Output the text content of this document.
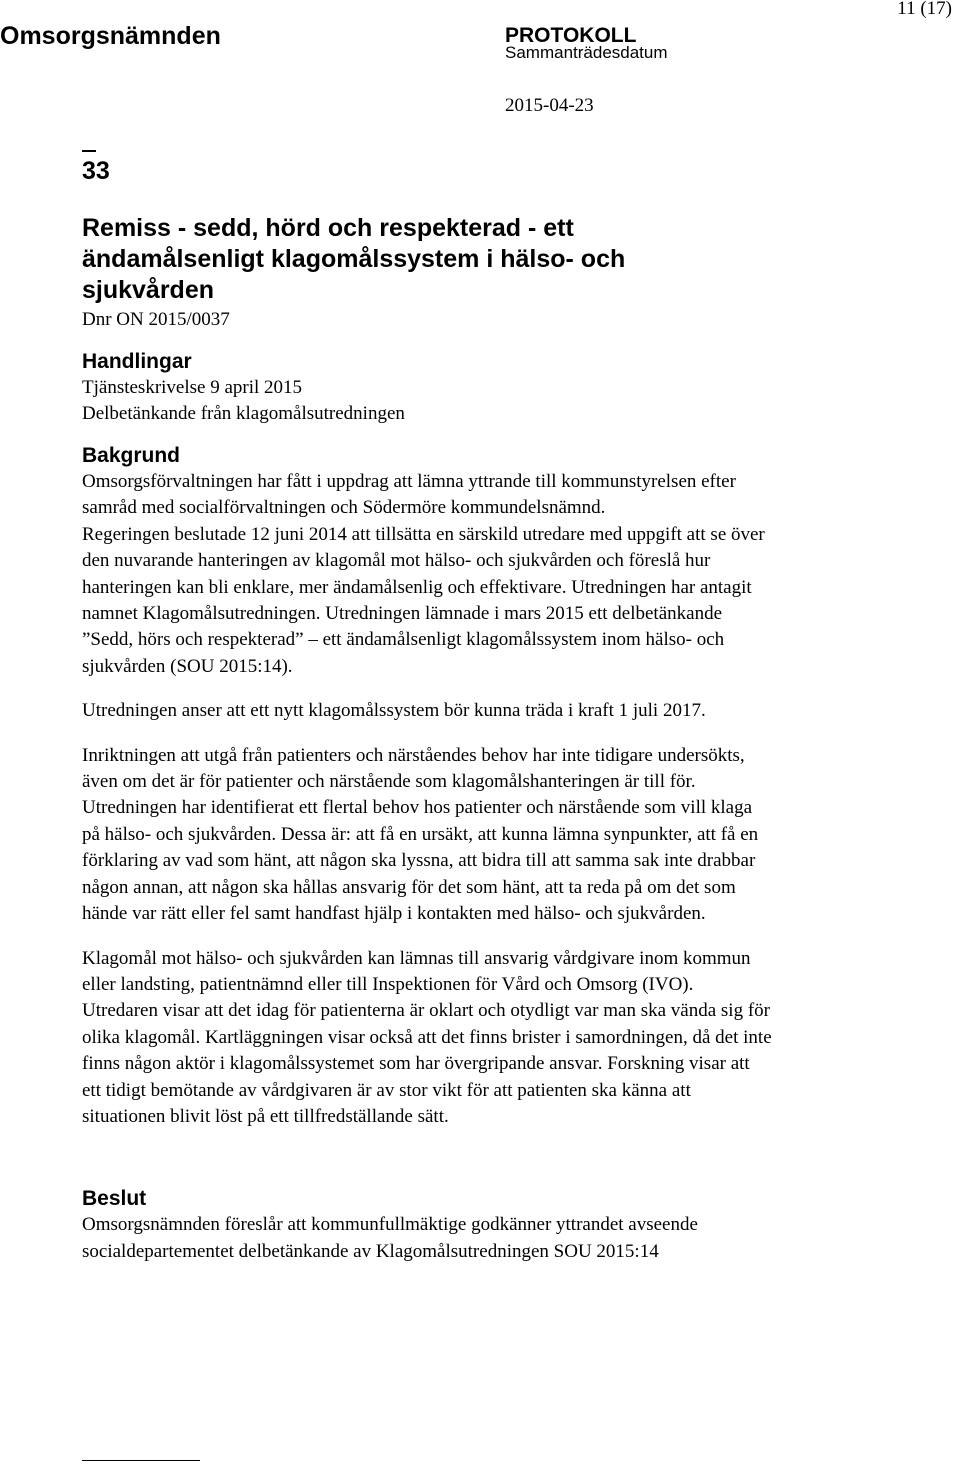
Omsorgsnämnden	PROTOKOLL
11 (17)
Sammanträdesdatum
2015-04-23
33
Remiss - sedd, hörd och respekterad - ett ändamålsenligt klagomålssystem i hälso- och sjukvården

Dnr ON 2015/0037

Handlingar

Tjänsteskrivelse 9 april 2015

Delbetänkande från klagomålsutredningen

Bakgrund

Omsorgsförvaltningen har fått i uppdrag att lämna yttrande till kommunstyrelsen efter samråd med socialförvaltningen och Södermöre kommundelsnämnd.

Regeringen beslutade 12 juni 2014 att tillsätta en särskild utredare med uppgift att se över den nuvarande hanteringen av klagomål mot hälso- och sjukvården och föreslå hur hanteringen kan bli enklare, mer ändamålsenlig och effektivare. Utredningen har antagit namnet Klagomålsutredningen. Utredningen lämnade i mars 2015 ett delbetänkande ”Sedd, hörs och respekterad” – ett ändamålsenligt klagomålssystem inom hälso- och sjukvården (SOU 2015:14).

Utredningen anser att ett nytt klagomålssystem bör kunna träda i kraft 1 juli 2017.

Inriktningen att utgå från patienters och närståendes behov har inte tidigare undersökts, även om det är för patienter och närstående som klagomålshanteringen är till för. Utredningen har identifierat ett flertal behov hos patienter och närstående som vill klaga på hälso- och sjukvården. Dessa är: att få en ursäkt, att kunna lämna synpunkter, att få en förklaring av vad som hänt, att någon ska lyssna, att bidra till att samma sak inte drabbar någon annan, att någon ska hållas ansvarig för det som hänt, att ta reda på om det som hände var rätt eller fel samt handfast hjälp i kontakten med hälso- och sjukvården.

Klagomål mot hälso- och sjukvården kan lämnas till ansvarig vårdgivare inom kommun eller landsting, patientnämnd eller till Inspektionen för Vård och Omsorg (IVO). Utredaren visar att det idag för patienterna är oklart och otydligt var man ska vända sig för olika klagomål. Kartläggningen visar också att det finns brister i samordningen, då det inte finns någon aktör i klagomålssystemet som har övergripande ansvar. Forskning visar att ett tidigt bemötande av vårdgivaren är av stor vikt för att patienten ska känna att situationen blivit löst på ett tillfredställande sätt.

Beslut

Omsorgsnämnden föreslår att kommunfullmäktige godkänner yttrandet avseende socialdepartementet delbetänkande av Klagomålsutredningen SOU 2015:14
